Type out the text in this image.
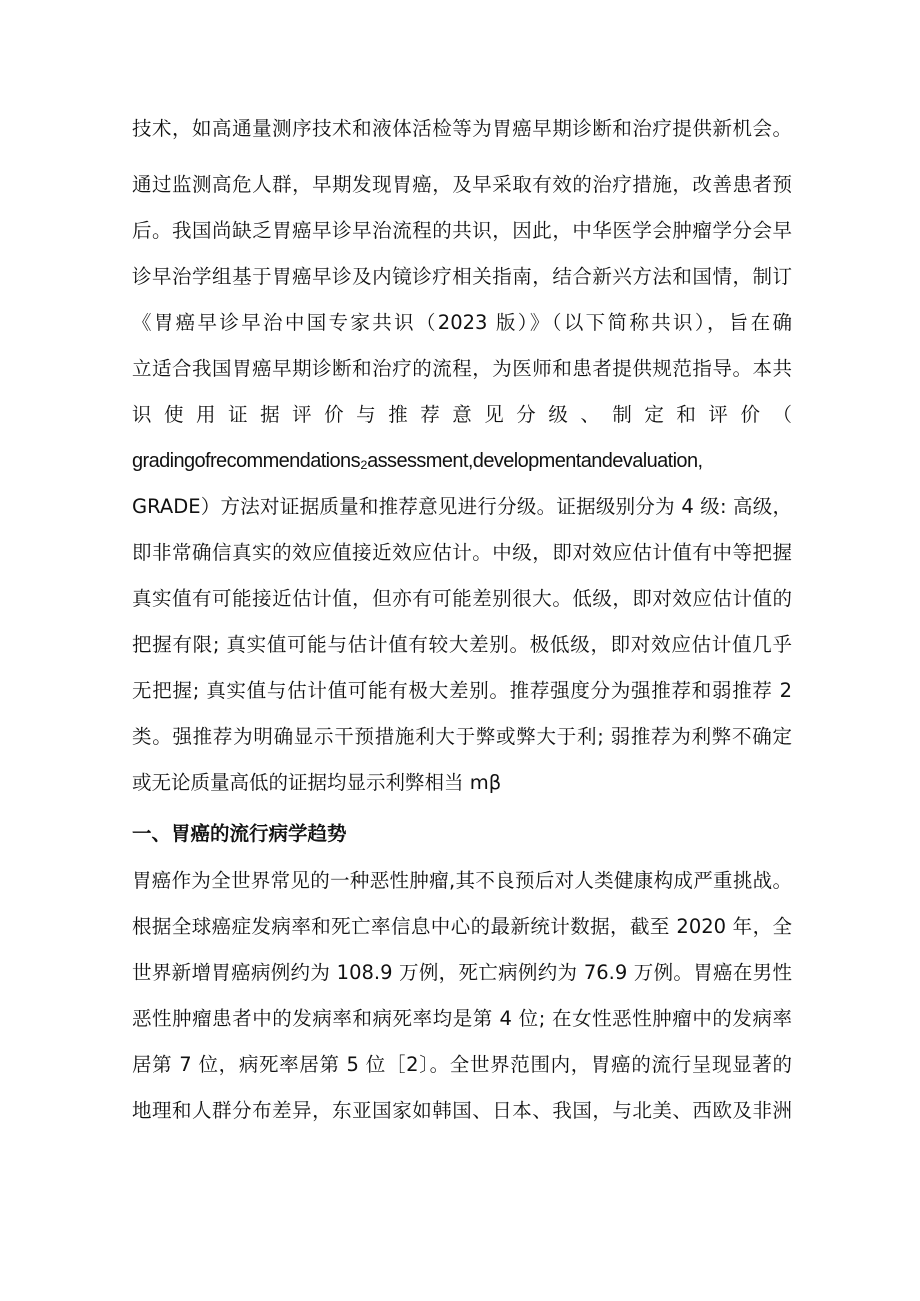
技术，如高通量测序技术和液体活检等为胃癌早期诊断和治疗提供新机会。
通过监测高危人群，早期发现胃癌，及早采取有效的治疗措施，改善患者预
后。我国尚缺乏胃癌早诊早治流程的共识，因此，中华医学会肿瘤学分会早
诊早治学组基于胃癌早诊及内镜诊疗相关指南，结合新兴方法和国情，制订
《胃癌早诊早治中国专家共识（2023 版）》（以下简称共识），旨在确
立适合我国胃癌早期诊断和治疗的流程，为医师和患者提供规范指导。本共
识 使 用 证 据 评 价 与 推 荐 意 见 分 级 、 制 定 和 评 价 （
gradingofrecommendations₂assessment,developmentandevaluation,
GRADE）方法对证据质量和推荐意见进行分级。证据级别分为 4 级: 高级，
即非常确信真实的效应值接近效应估计。中级，即对效应估计值有中等把握
真实值有可能接近估计值，但亦有可能差别很大。低级，即对效应估计值的
把握有限; 真实值可能与估计值有较大差别。极低级，即对效应估计值几乎
无把握; 真实值与估计值可能有极大差别。推荐强度分为强推荐和弱推荐 2
类。强推荐为明确显示干预措施利大于弊或弊大于利; 弱推荐为利弊不确定
或无论质量高低的证据均显示利弊相当 mβ
一、胃癌的流行病学趋势
胃癌作为全世界常见的一种恶性肿瘤,其不良预后对人类健康构成严重挑战。
根据全球癌症发病率和死亡率信息中心的最新统计数据，截至 2020 年，全
世界新增胃癌病例约为 108.9 万例，死亡病例约为 76.9 万例。胃癌在男性
恶性肿瘤患者中的发病率和病死率均是第 4 位; 在女性恶性肿瘤中的发病率
居第 7 位，病死率居第 5 位［2〕。全世界范围内，胃癌的流行呈现显著的
地理和人群分布差异，东亚国家如韩国、日本、我国，与北美、西欧及非洲
